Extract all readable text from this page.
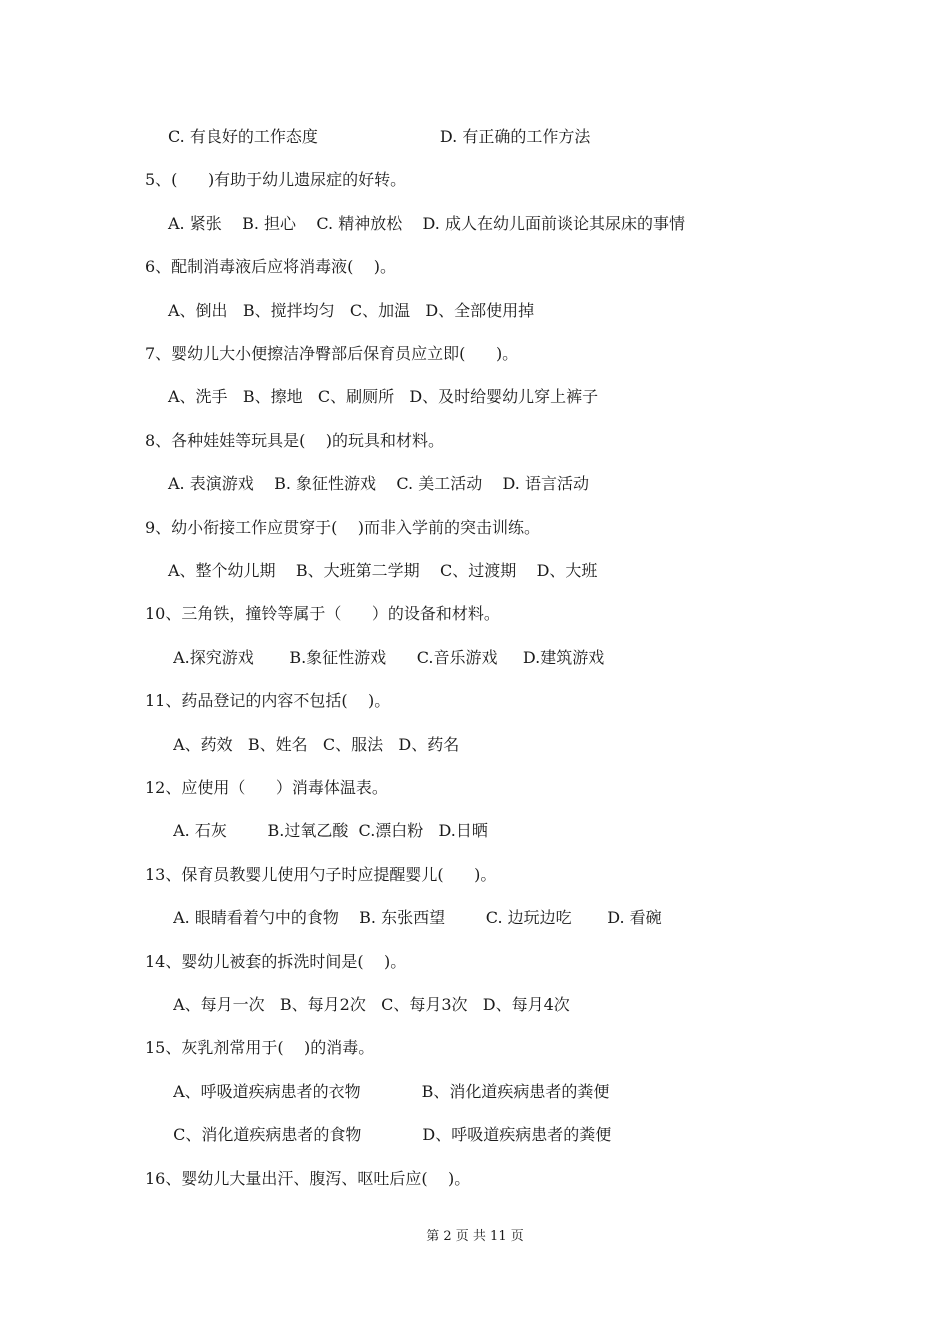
C. 有良好的工作态度                        D. 有正确的工作方法
5、(      )有助于幼儿遗尿症的好转。
A. 紧张    B. 担心    C. 精神放松    D. 成人在幼儿面前谈论其尿床的事情
6、配制消毒液后应将消毒液(    )。
A、倒出   B、搅拌均匀   C、加温   D、全部使用掉
7、婴幼儿大小便擦洁净臀部后保育员应立即(      )。
A、洗手   B、擦地   C、刷厕所   D、及时给婴幼儿穿上裤子
8、各种娃娃等玩具是(    )的玩具和材料。
A. 表演游戏    B. 象征性游戏    C. 美工活动    D. 语言活动
9、幼小衔接工作应贯穿于(    )而非入学前的突击训练。
A、整个幼儿期    B、大班第二学期    C、过渡期    D、大班
10、三角铁，撞铃等属于（      ）的设备和材料。
A.探究游戏       B.象征性游戏      C.音乐游戏     D.建筑游戏
11、药品登记的内容不包括(    )。
A、药效   B、姓名   C、服法   D、药名
12、应使用（      ）消毒体温表。
A. 石灰        B.过氧乙酸  C.漂白粉   D.日晒
13、保育员教婴儿使用勺子时应提醒婴儿(      )。
A. 眼睛看着勺中的食物    B. 东张西望        C. 边玩边吃       D. 看碗
14、婴幼儿被套的拆洗时间是(    )。
A、每月一次   B、每月2次   C、每月3次   D、每月4次
15、灰乳剂常用于(    )的消毒。
A、呼吸道疾病患者的衣物            B、消化道疾病患者的粪便
C、消化道疾病患者的食物            D、呼吸道疾病患者的粪便
16、婴幼儿大量出汗、腹泻、呕吐后应(    )。
第 2 页 共 11 页
